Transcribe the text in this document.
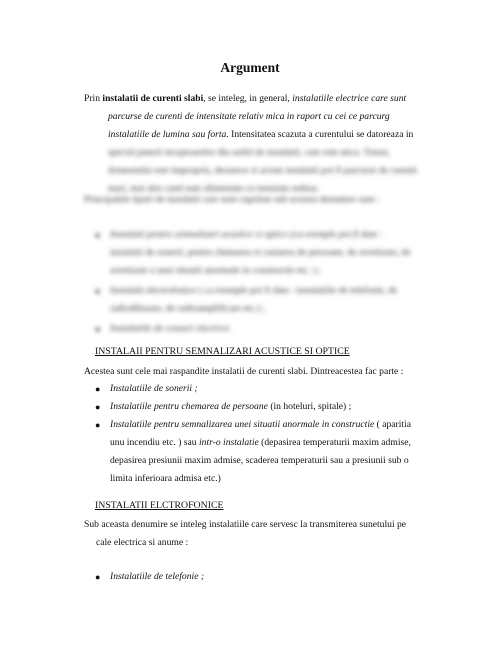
Argument
Prin instalatii de curenti slabi, se inteleg, in general, instalatiile electrice care sunt
parcurse de curenti de intensitate relativ mica in raport cu cei ce parcurg
instalatiile de lumina sau forta. Intensitatea scazuta a curentului se datoreaza in
special puterii receptoarelor din astfel de instalatii, care este mica. Totusi,
domeniului este impropriu, deoarece si aceste instalatii pot fi parcurse de curenti
mari, mai ales cand sunt alimentate cu tensiune redusa.
Principalele tipuri de instalatii care sunt cuprinse sub aceasta denumire sunt :
● Instalatii pentru semnalizari acustice si optice (ca exemple pot fi date :
instalatii de sonerii, pentru chemarea si cautarea de persoane, de avertizare, de
avertizare a unei situatii anormale in constructie etc. ) ;
● Instalatii electrofonice ( ca exemple pot fi date : instalatiile de telefonie, de
radiodifuzare, de radioamplificare etc.) ;
● Instalatiile de ceasuri electrice.
INSTALAII PENTRU SEMNALIZARI ACUSTICE SI OPTICE
Acestea sunt cele mai raspandite instalatii de curenti slabi. Dintreacestea fac parte :
● Instalatiile de sonerii ;
● Instalatiile pentru chemarea de persoane (in hoteluri, spitale) ;
● Instalatiile pentru semnalizarea unei situatii anormale in constructie ( aparitia
unu incendiu etc. ) sau intr-o instalatie (depasirea temperaturii maxim admise,
depasirea presiunii maxim admise, scaderea temperaturii sau a presiunii sub o
limita inferioara admisa etc.)
INSTALATII ELCTROFONICE
Sub aceasta denumire se inteleg instalatiile care servesc la transmiterea sunetului pe
cale electrica si anume :
● Instalatiile de telefonie ;
